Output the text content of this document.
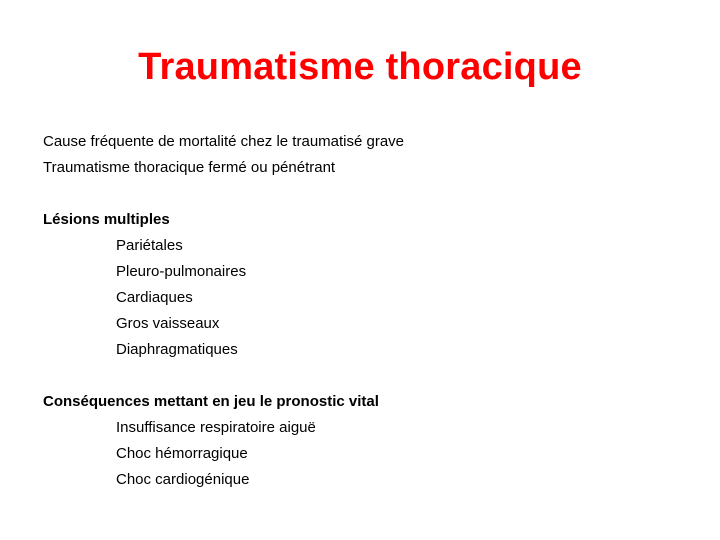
Traumatisme thoracique
Cause fréquente de mortalité chez le traumatisé grave
Traumatisme thoracique fermé ou pénétrant
Lésions multiples
Pariétales
Pleuro-pulmonaires
Cardiaques
Gros vaisseaux
Diaphragmatiques
Conséquences mettant en jeu le pronostic vital
Insuffisance respiratoire aiguë
Choc hémorragique
Choc cardiogénique
